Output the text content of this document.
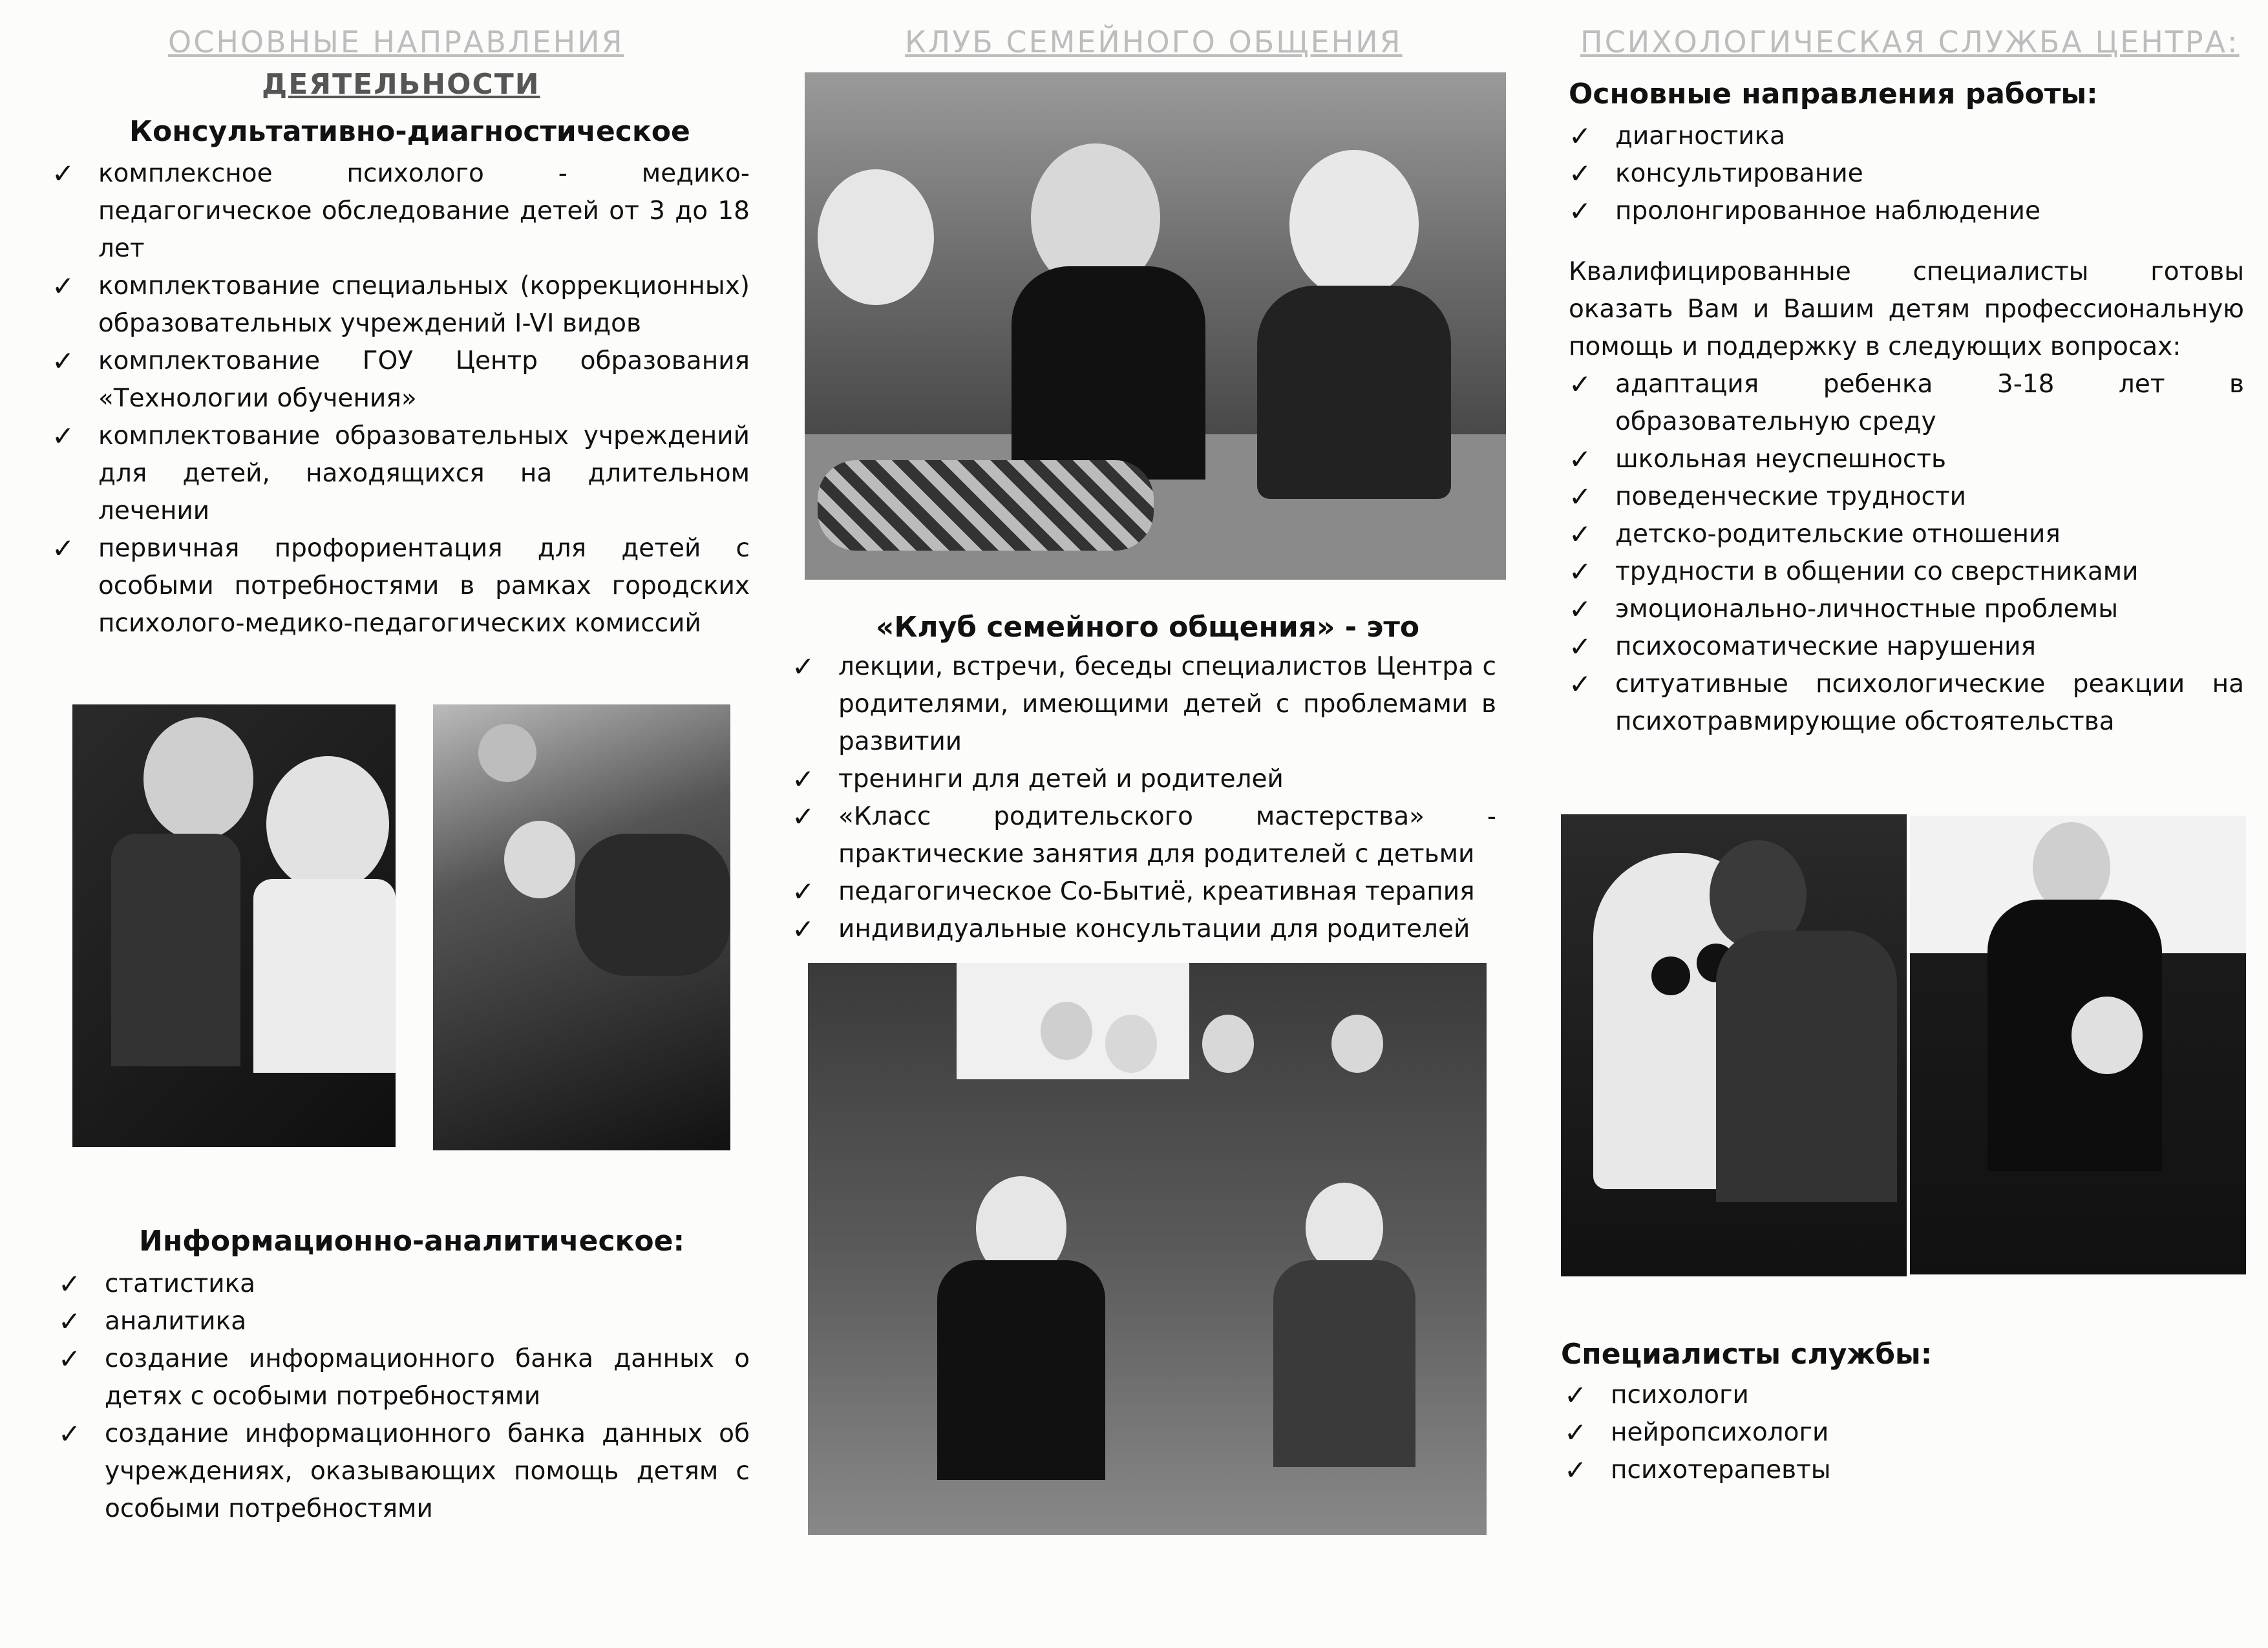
ОСНОВНЫЕ НАПРАВЛЕНИЯ
ДЕЯТЕЛЬНОСТИ
Консультативно-диагностическое
✓ комплексное психолого - медико-педагогическое обследование детей от 3 до 18 лет
✓ комплектование специальных (коррекционных) образовательных учреждений I-VI видов
✓ комплектование ГОУ Центр образования «Технологии обучения»
✓ комплектование образовательных учреждений для детей, находящихся на длительном лечении
✓ первичная профориентация для детей с особыми потребностями в рамках городских психолого-медико-педагогических комиссий
Информационно-аналитическое:
✓ статистика
✓ аналитика
✓ создание информационного банка данных о детях с особыми потребностями
✓ создание информационного банка данных об учреждениях, оказывающих помощь детям с особыми потребностями
КЛУБ СЕМЕЙНОГО ОБЩЕНИЯ
«Клуб семейного общения» - это
✓ лекции, встречи, беседы специалистов Центра с родителями, имеющими детей с проблемами в развитии
✓ тренинги для детей и родителей
✓ «Класс родительского мастерства» - практические занятия для родителей с детьми
✓ педагогическое Со-Бытиё, креативная терапия
✓ индивидуальные консультации для родителей
ПСИХОЛОГИЧЕСКАЯ СЛУЖБА ЦЕНТРА:
Основные направления работы:
✓ диагностика
✓ консультирование
✓ пролонгированное наблюдение
Квалифицированные специалисты готовы оказать Вам и Вашим детям профессиональную помощь и поддержку в следующих вопросах:
✓ адаптация ребенка 3-18 лет в образовательную среду
✓ школьная неуспешность
✓ поведенческие трудности
✓ детско-родительские отношения
✓ трудности в общении со сверстниками
✓ эмоционально-личностные проблемы
✓ психосоматические нарушения
✓ ситуативные психологические реакции на психотравмирующие обстоятельства
Специалисты службы:
✓ психологи
✓ нейропсихологи
✓ психотерапевты
